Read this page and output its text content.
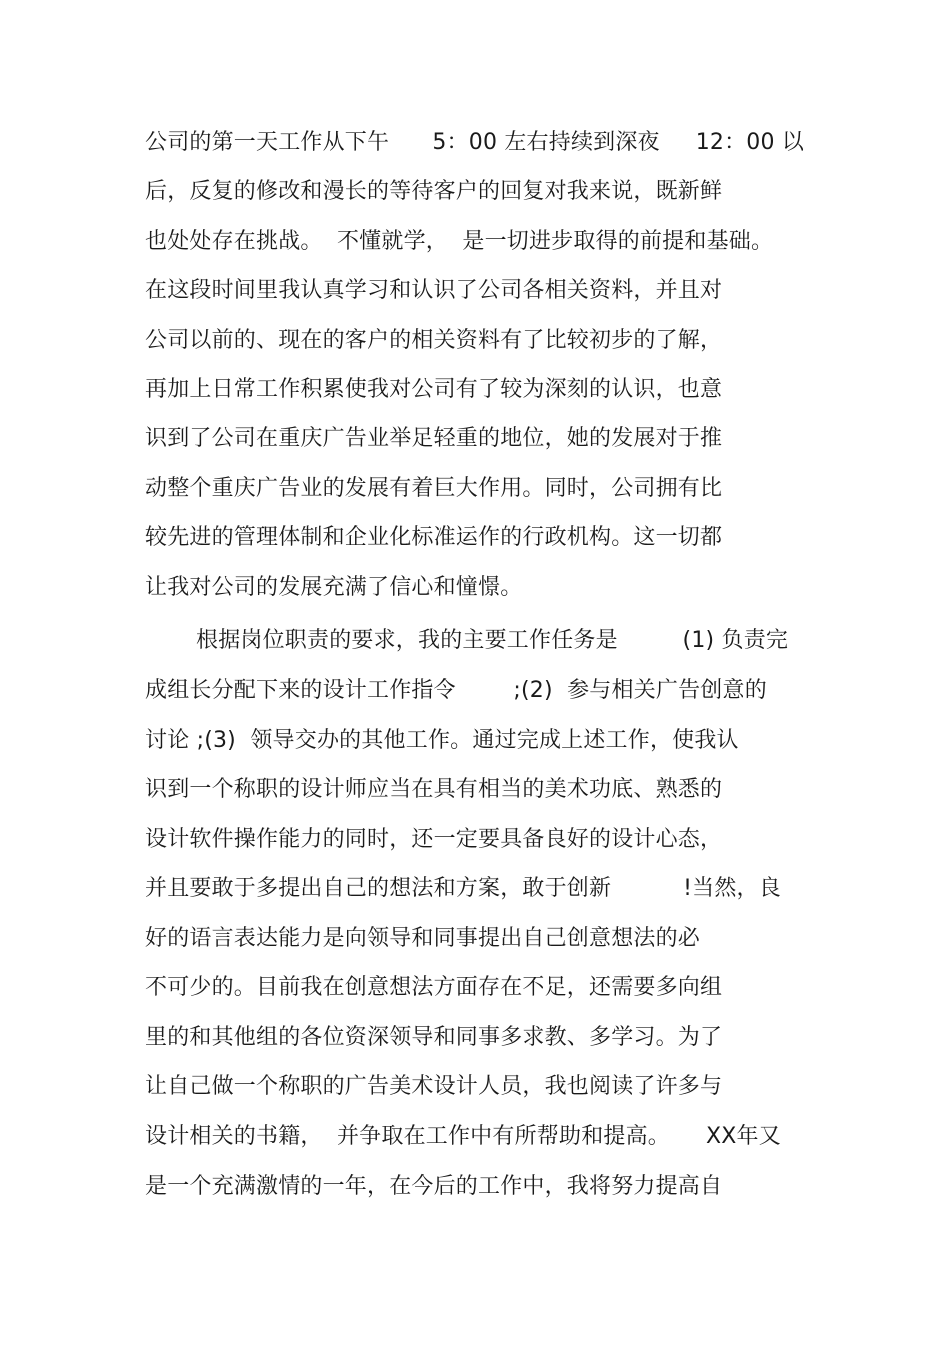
公司的第一天工作从下午      5：00 左右持续到深夜     12：00 以
后，反复的修改和漫长的等待客户的回复对我来说，既新鲜
也处处存在挑战。  不懂就学，  是一切进步取得的前提和基础。
在这段时间里我认真学习和认识了公司各相关资料，并且对
公司以前的、现在的客户的相关资料有了比较初步的了解，
再加上日常工作积累使我对公司有了较为深刻的认识，也意
识到了公司在重庆广告业举足轻重的地位，她的发展对于推
动整个重庆广告业的发展有着巨大作用。同时，公司拥有比
较先进的管理体制和企业化标准运作的行政机构。这一切都
让我对公司的发展充满了信心和憧憬。
根据岗位职责的要求，我的主要工作任务是         (1) 负责完
成组长分配下来的设计工作指令        ;(2)  参与相关广告创意的
讨论 ;(3)  领导交办的其他工作。通过完成上述工作，使我认
识到一个称职的设计师应当在具有相当的美术功底、熟悉的
设计软件操作能力的同时，还一定要具备良好的设计心态，
并且要敢于多提出自己的想法和方案，敢于创新          !当然，良
好的语言表达能力是向领导和同事提出自己创意想法的必
不可少的。目前我在创意想法方面存在不足，还需要多向组
里的和其他组的各位资深领导和同事多求教、多学习。为了
让自己做一个称职的广告美术设计人员，我也阅读了许多与
设计相关的书籍，  并争取在工作中有所帮助和提高。     XX年又
是一个充满激情的一年，在今后的工作中，我将努力提高自
